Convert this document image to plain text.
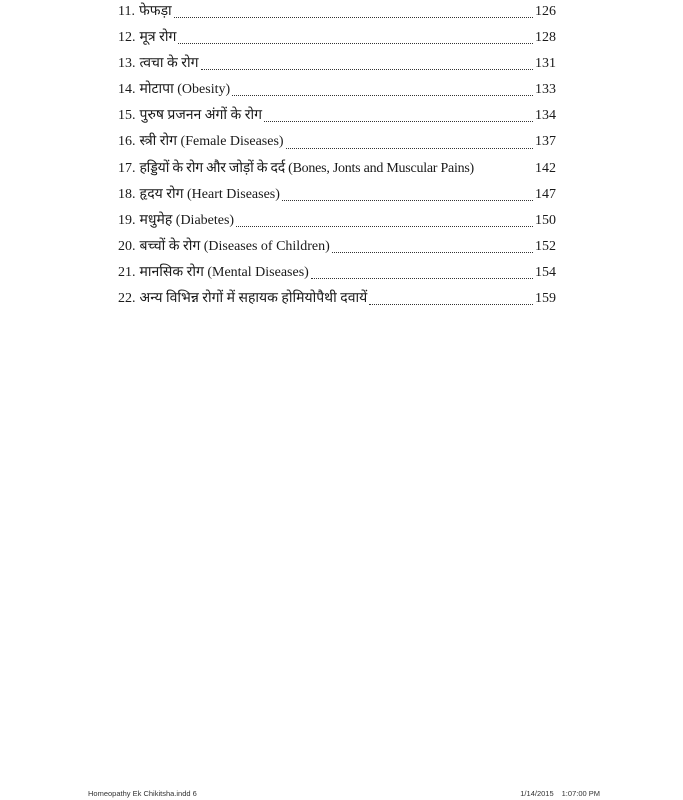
11. फेफड़ा	126
12. मूत्र रोग	128
13. त्वचा के रोग	131
14. मोटापा (Obesity)	133
15. पुरुष प्रजनन अंगों के रोग	134
16. स्त्री रोग (Female Diseases)	137
17. हड्डियों के रोग और जोड़ों के दर्द (Bones, Jonts and Muscular Pains)	142
18. हृदय रोग (Heart Diseases)	147
19. मधुमेह (Diabetes)	150
20. बच्चों के रोग (Diseases of Children)	152
21. मानसिक रोग (Mental Diseases)	154
22. अन्य विभिन्न रोगों में सहायक होमियोपैथी दवायें	159
Homeopathy Ek Chikitsha.indd 6	1/14/2015 1:07:00 PM
